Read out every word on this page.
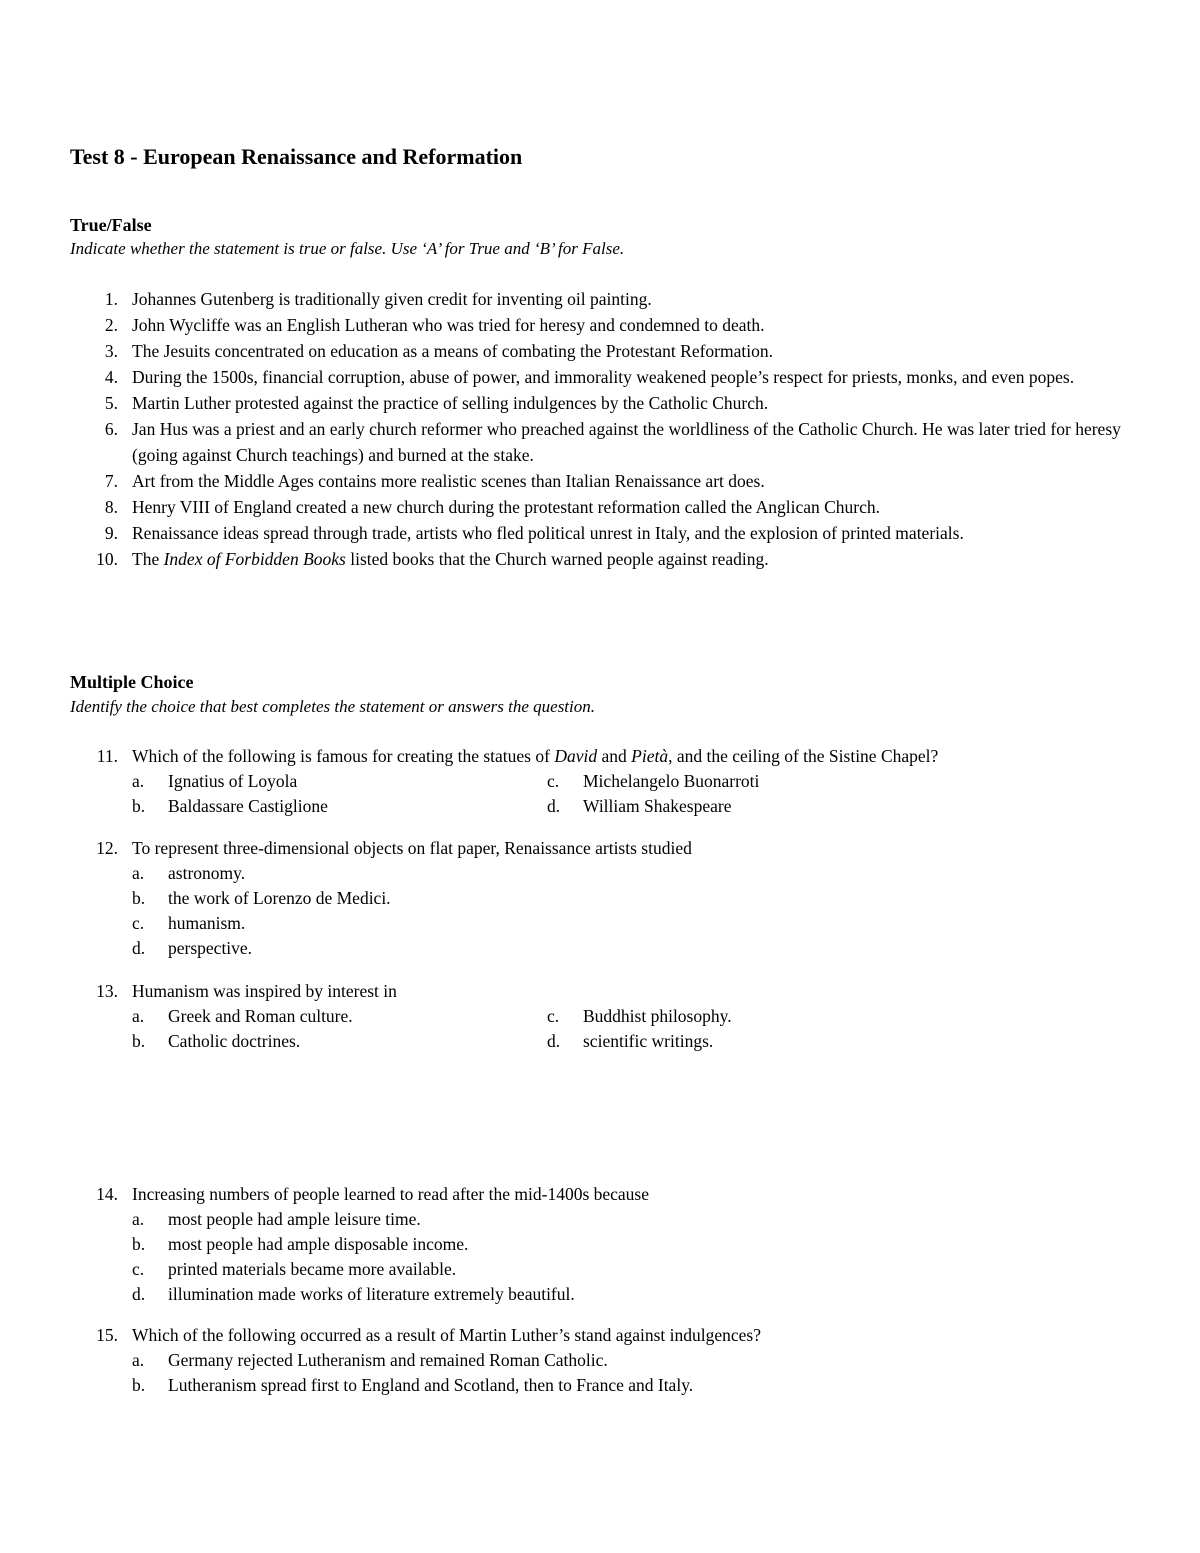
Test 8 - European Renaissance and Reformation
True/False
Indicate whether the statement is true or false. Use ‘A’ for True and ‘B’ for False.
1. Johannes Gutenberg is traditionally given credit for inventing oil painting.
2. John Wycliffe was an English Lutheran who was tried for heresy and condemned to death.
3. The Jesuits concentrated on education as a means of combating the Protestant Reformation.
4. During the 1500s, financial corruption, abuse of power, and immorality weakened people’s respect for priests, monks, and even popes.
5. Martin Luther protested against the practice of selling indulgences by the Catholic Church.
6. Jan Hus was a priest and an early church reformer who preached against the worldliness of the Catholic Church. He was later tried for heresy (going against Church teachings) and burned at the stake.
7. Art from the Middle Ages contains more realistic scenes than Italian Renaissance art does.
8. Henry VIII of England created a new church during the protestant reformation called the Anglican Church.
9. Renaissance ideas spread through trade, artists who fled political unrest in Italy, and the explosion of printed materials.
10. The Index of Forbidden Books listed books that the Church warned people against reading.
Multiple Choice
Identify the choice that best completes the statement or answers the question.
11. Which of the following is famous for creating the statues of David and Pietà, and the ceiling of the Sistine Chapel?
a.	Ignatius of Loyola
b.	Baldassare Castiglione
c.	Michelangelo Buonarroti
d.	William Shakespeare
12. To represent three-dimensional objects on flat paper, Renaissance artists studied
a.	astronomy.
b.	the work of Lorenzo de Medici.
c.	humanism.
d.	perspective.
13. Humanism was inspired by interest in
a.	Greek and Roman culture.
b.	Catholic doctrines.
c.	Buddhist philosophy.
d.	scientific writings.
14. Increasing numbers of people learned to read after the mid-1400s because
a.	most people had ample leisure time.
b.	most people had ample disposable income.
c.	printed materials became more available.
d.	illumination made works of literature extremely beautiful.
15. Which of the following occurred as a result of Martin Luther’s stand against indulgences?
a.	Germany rejected Lutheranism and remained Roman Catholic.
b.	Lutheranism spread first to England and Scotland, then to France and Italy.
